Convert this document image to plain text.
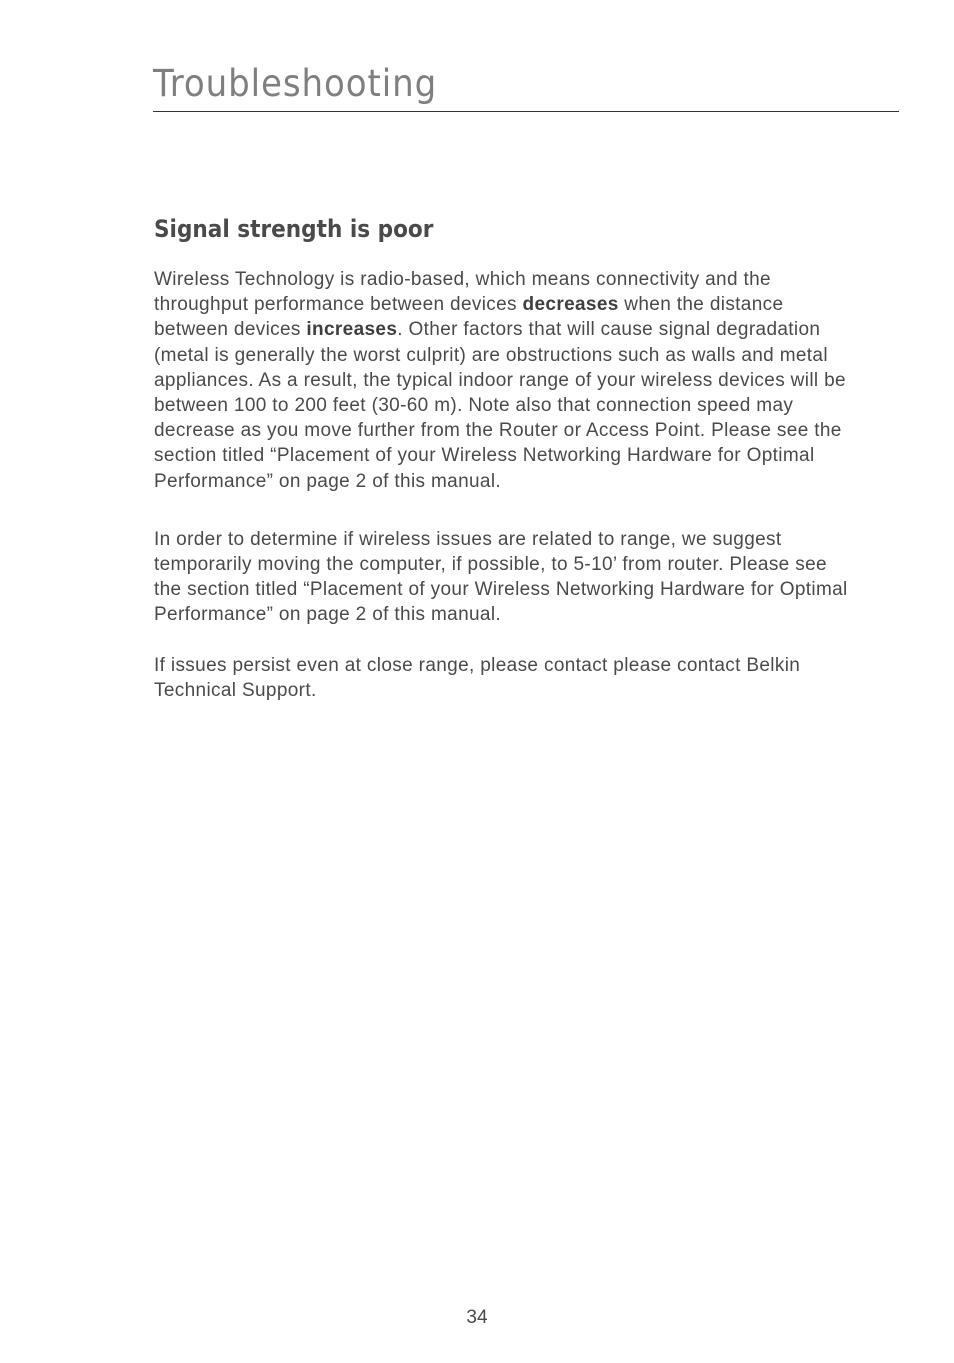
Troubleshooting
Signal strength is poor

Wireless Technology is radio-based, which means connectivity and the throughput performance between devices decreases when the distance between devices increases. Other factors that will cause signal degradation (metal is generally the worst culprit) are obstructions such as walls and metal appliances. As a result, the typical indoor range of your wireless devices will be between 100 to 200 feet (30-60 m). Note also that connection speed may decrease as you move further from the Router or Access Point. Please see the section titled “Placement of your Wireless Networking Hardware for Optimal Performance” on page 2 of this manual.

In order to determine if wireless issues are related to range, we suggest temporarily moving the computer, if possible, to 5-10’ from router. Please see the section titled “Placement of your Wireless Networking Hardware for Optimal Performance” on page 2 of this manual.

If issues persist even at close range, please contact please contact Belkin Technical Support.

34
